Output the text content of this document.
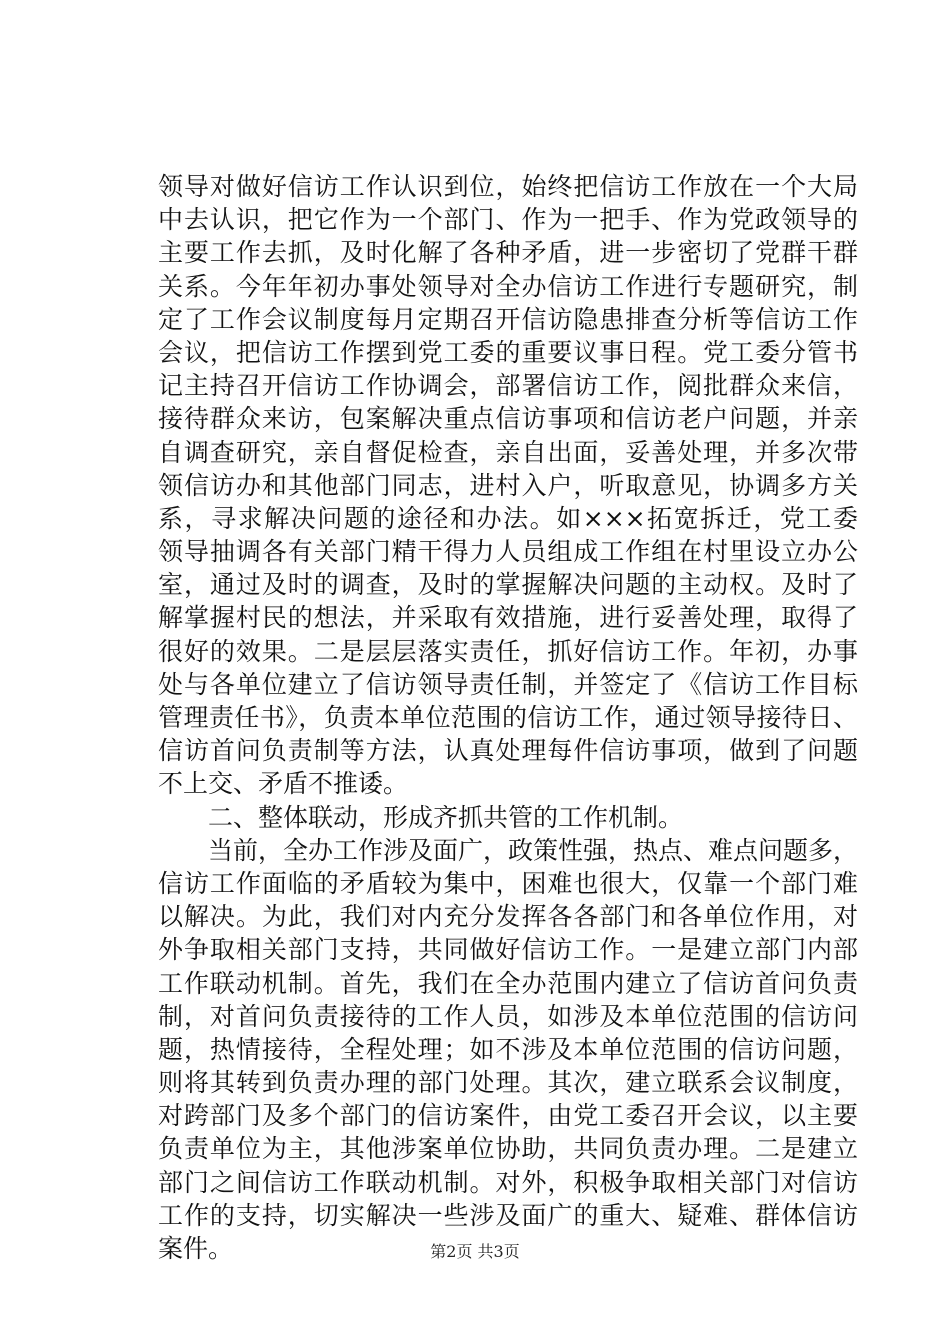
领导对做好信访工作认识到位，始终把信访工作放在一个大局
中去认识，把它作为一个部门、作为一把手、作为党政领导的
主要工作去抓，及时化解了各种矛盾，进一步密切了党群干群
关系。今年年初办事处领导对全办信访工作进行专题研究，制
定了工作会议制度每月定期召开信访隐患排查分析等信访工作
会议，把信访工作摆到党工委的重要议事日程。党工委分管书
记主持召开信访工作协调会，部署信访工作，阅批群众来信，
接待群众来访，包案解决重点信访事项和信访老户问题，并亲
自调查研究，亲自督促检查，亲自出面，妥善处理，并多次带
领信访办和其他部门同志，进村入户，听取意见，协调多方关
系，寻求解决问题的途径和办法。如×××拓宽拆迁，党工委
领导抽调各有关部门精干得力人员组成工作组在村里设立办公
室，通过及时的调查，及时的掌握解决问题的主动权。及时了
解掌握村民的想法，并采取有效措施，进行妥善处理，取得了
很好的效果。二是层层落实责任，抓好信访工作。年初，办事
处与各单位建立了信访领导责任制，并签定了《信访工作目标
管理责任书》，负责本单位范围的信访工作，通过领导接待日、
信访首问负责制等方法，认真处理每件信访事项，做到了问题
不上交、矛盾不推诿。
　　二、整体联动，形成齐抓共管的工作机制。
　　当前，全办工作涉及面广，政策性强，热点、难点问题多，
信访工作面临的矛盾较为集中，困难也很大，仅靠一个部门难
以解决。为此，我们对内充分发挥各各部门和各单位作用，对
外争取相关部门支持，共同做好信访工作。一是建立部门内部
工作联动机制。首先，我们在全办范围内建立了信访首问负责
制，对首问负责接待的工作人员，如涉及本单位范围的信访问
题，热情接待，全程处理；如不涉及本单位范围的信访问题，
则将其转到负责办理的部门处理。其次，建立联系会议制度，
对跨部门及多个部门的信访案件，由党工委召开会议，以主要
负责单位为主，其他涉案单位协助，共同负责办理。二是建立
部门之间信访工作联动机制。对外，积极争取相关部门对信访
工作的支持，切实解决一些涉及面广的重大、疑难、群体信访
案件。	第2页 共3页
